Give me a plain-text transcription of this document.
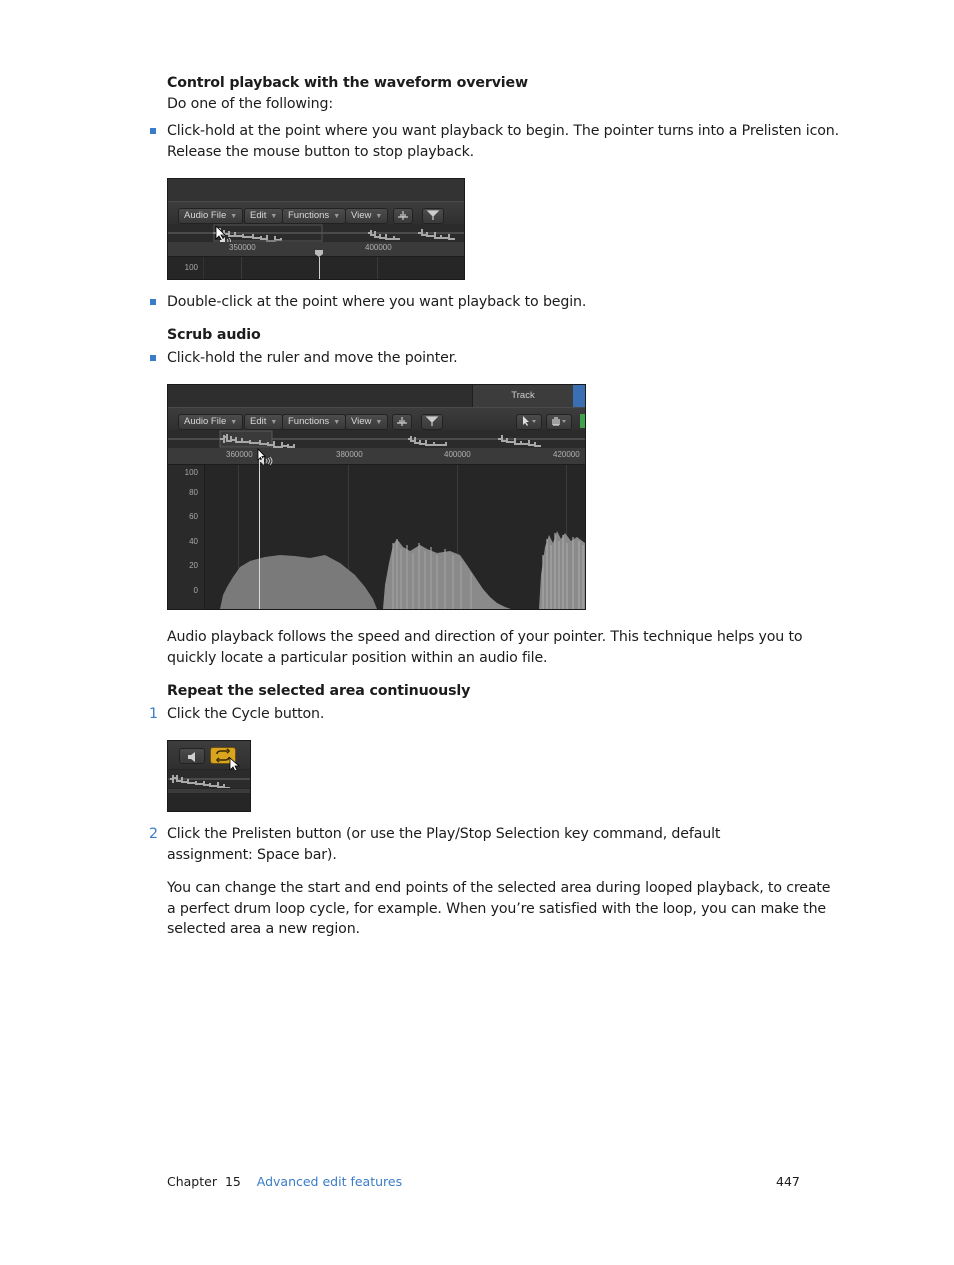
Control playback with the waveform overview
Do one of the following:
Click-hold at the point where you want playback to begin. The pointer turns into a Prelisten icon.
Release the mouse button to stop playback.
Audio File ▼	Edit ▼	Functions ▼	View ▼
350000	400000
100
Double-click at the point where you want playback to begin.
Scrub audio
Click-hold the ruler and move the pointer.
Track
Audio File ▼	Edit ▼	Functions ▼	View ▼
360000	380000	400000	420000
100
80
60
40
20
0
Audio playback follows the speed and direction of your pointer. This technique helps you to
quickly locate a particular position within an audio file.
Repeat the selected area continuously
1 Click the Cycle button.
2 Click the Prelisten button (or use the Play/Stop Selection key command, default
assignment: Space bar).
You can change the start and end points of the selected area during looped playback, to create
a perfect drum loop cycle, for example. When you’re satisfied with the loop, you can make the
selected area a new region.
Chapter 15 Advanced edit features	447
